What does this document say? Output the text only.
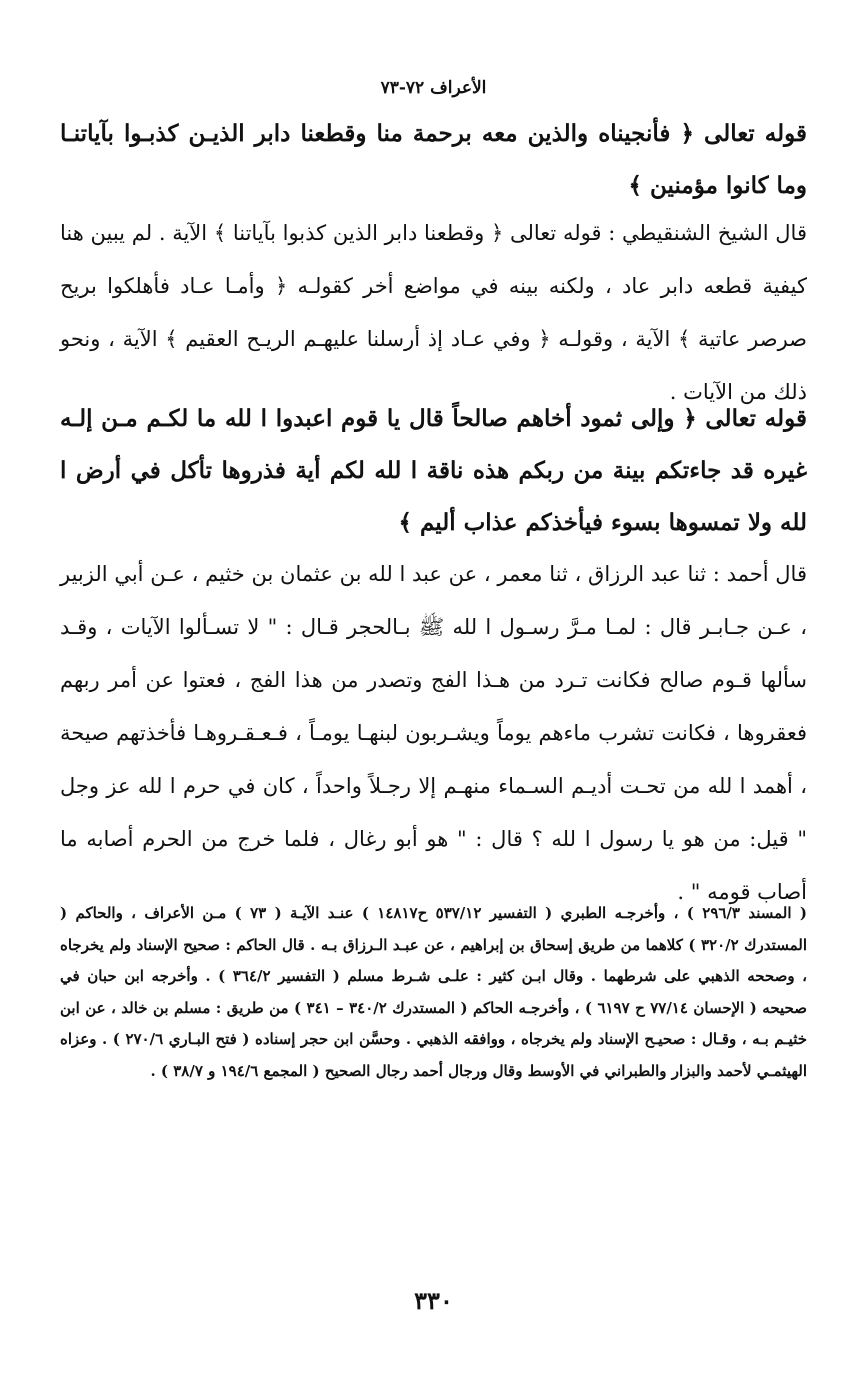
الأعراف ٧٢-٧٣

قوله تعالى ﴿ فأنجيناه والذين معه برحمة منا وقطعنا دابر الذيـن كذبـوا بآياتنـا وما كانوا مؤمنين ﴾

قال الشيخ الشنقيطي : قوله تعالى ﴿ وقطعنا دابر الذين كذبوا بآياتنا ﴾ الآية . لم يبين هنا كيفية قطعه دابر عاد ، ولكنه بينه في مواضع أخر كقولـه ﴿ وأمـا عـاد فأهلكوا بريح صرصر عاتية ﴾ الآية ، وقولـه ﴿ وفي عـاد إذ أرسلنا عليهـم الريـح العقيم ﴾ الآية ، ونحو ذلك من الآيات .

قوله تعالى ﴿ وإلى ثمود أخاهم صالحاً قال يا قوم اعبدوا ا لله ما لكـم مـن إلـه غيره قد جاءتكم بينة من ربكم هذه ناقة ا لله لكم أية فذروها تأكل في أرض ا لله ولا تمسوها بسوء فيأخذكم عذاب أليم ﴾

قال أحمد : ثنا عبد الرزاق ، ثنا معمر ، عن عبد ا لله بن عثمان بن خثيم ، عـن أبي الزبير ، عـن جـابـر قال : لمـا مـرَّ رسـول ا لله ﷺ بـالحجر قـال : " لا تسـألوا الآيات ، وقـد سألها قـوم صالح فكانت تـرد من هـذا الفج وتصدر من هذا الفج ، فعتوا عن أمر ربهم فعقروها ، فكانت تشرب ماءهم يوماً ويشـربون لبنهـا يومـاً ، فـعـقـروهـا فأخذتهم صيحة ، أهمد ا لله من تحـت أديـم السـماء منهـم إلا رجـلاً واحداً ، كان في حرم ا لله عز وجل " قيل: من هو يا رسول ا لله ؟ قال : " هو أبو رغال ، فلما خرج من الحرم أصابه ما أصاب قومه " .

( المسند ٢٩٦/٣ ) ، وأخرجـه الطبري ( التفسير ٥٣٧/١٢ ح١٤٨١٧ ) عنـد الآيـة ( ٧٣ ) مـن الأعراف ، والحاكم ( المستدرك ٣٢٠/٢ ) كلاهما من طريق إسحاق بن إبراهيم ، عن عبـد الـرزاق بـه . قال الحاكم : صحيح الإسناد ولم يخرجاه ، وصححه الذهبي على شرطهما . وقال ابـن كثير : علـى شـرط مسلم ( التفسير ٣٦٤/٢ ) . وأخرجه ابن حبان في صحيحه ( الإحسان ٧٧/١٤ ح ٦١٩٧ ) ، وأخرجـه الحاكم ( المستدرك ٣٤٠/٢ – ٣٤١ ) من طريق : مسلم بن خالد ، عن ابن خثيـم بـه ، وقـال : صحيـح الإسناد ولم يخرجاه ، ووافقه الذهبي . وحسَّن ابن حجر إسناده ( فتح البـاري ٢٧٠/٦ ) . وعزاه الهيثمـي لأحمد والبزار والطبراني في الأوسط وقال ورجال أحمد رجال الصحيح ( المجمع ١٩٤/٦ و ٣٨/٧ ) .

٣٣٠
